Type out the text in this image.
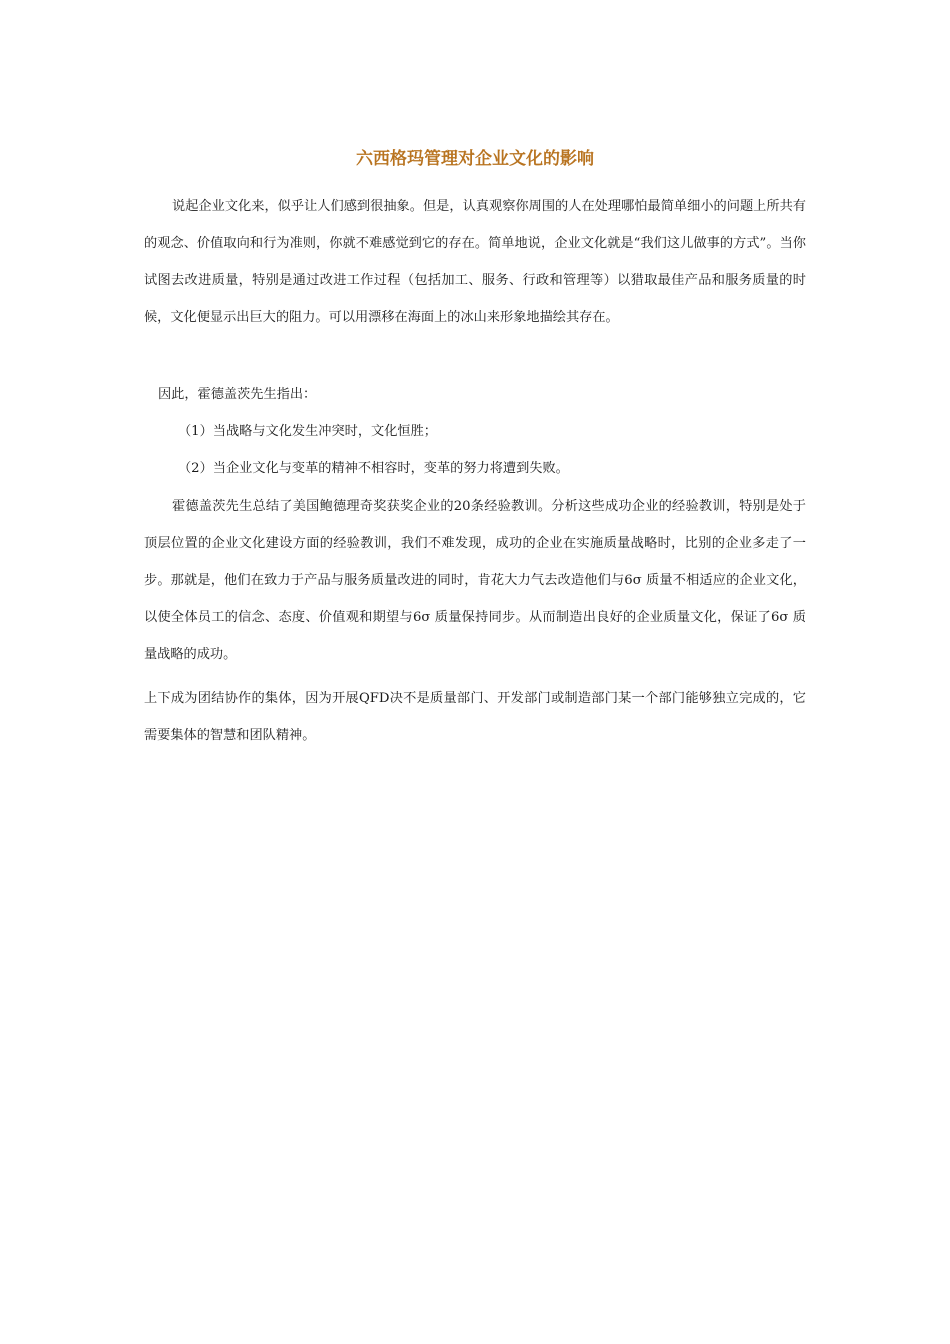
六西格玛管理对企业文化的影响
说起企业文化来，似乎让人们感到很抽象。但是，认真观察你周围的人在处理哪怕最简单细小的问题上所共有的观念、价值取向和行为准则，你就不难感觉到它的存在。简单地说，企业文化就是“我们这儿做事的方式”。当你试图去改进质量，特别是通过改进工作过程（包括加工、服务、行政和管理等）以猎取最佳产品和服务质量的时候，文化便显示出巨大的阻力。可以用漂移在海面上的冰山来形象地描绘其存在。
因此，霍德盖茨先生指出：
（1）当战略与文化发生冲突时，文化恒胜；
（2）当企业文化与变革的精神不相容时，变革的努力将遭到失败。
霍德盖茨先生总结了美国鲍德理奇奖获奖企业的20条经验教训。分析这些成功企业的经验教训，特别是处于顶层位置的企业文化建设方面的经验教训，我们不难发现，成功的企业在实施质量战略时，比别的企业多走了一步。那就是，他们在致力于产品与服务质量改进的同时，肯花大力气去改造他们与6σ 质量不相适应的企业文化，以使全体员工的信念、态度、价值观和期望与6σ 质量保持同步。从而制造出良好的企业质量文化，保证了6σ 质量战略的成功。
上下成为团结协作的集体，因为开展QFD决不是质量部门、开发部门或制造部门某一个部门能够独立完成的，它需要集体的智慧和团队精神。
